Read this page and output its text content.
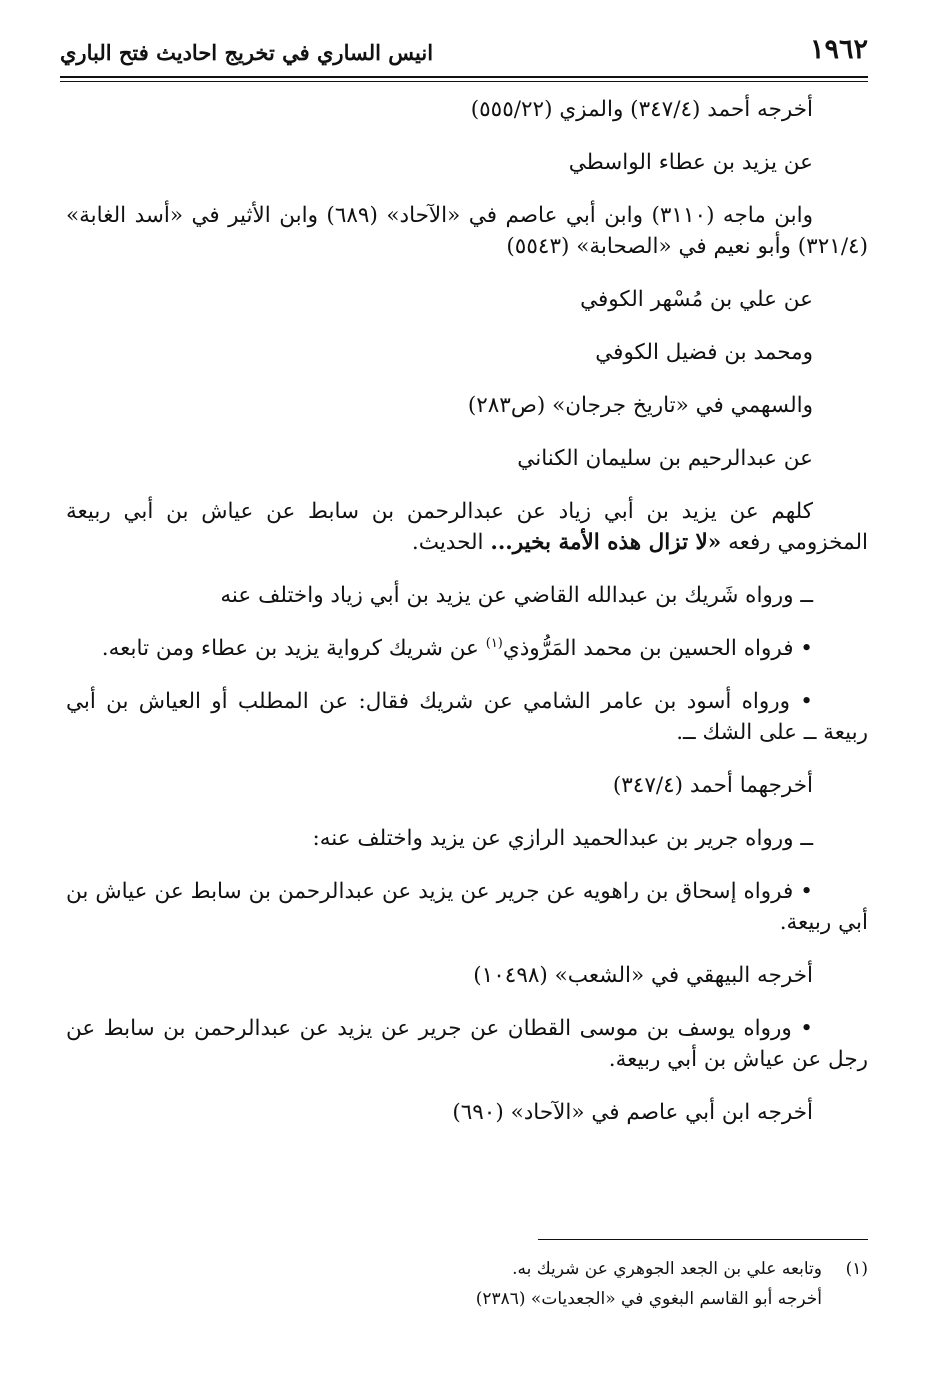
انيس الساري في تخريج احاديث فتح الباري	١٩٦٢

أخرجه أحمد (٣٤٧/٤) والمزي (٥٥٥/٢٢)

عن يزيد بن عطاء الواسطي

وابن ماجه (٣١١٠) وابن أبي عاصم في «الآحاد» (٦٨٩) وابن الأثير في «أسد الغابة» (٣٢١/٤) وأبو نعيم في «الصحابة» (٥٥٤٣)

عن علي بن مُسْهر الكوفي

ومحمد بن فضيل الكوفي

والسهمي في «تاريخ جرجان» (ص٢٨٣)

عن عبدالرحيم بن سليمان الكناني

كلهم عن يزيد بن أبي زياد عن عبدالرحمن بن سابط عن عياش بن أبي ربيعة المخزومي رفعه «لا تزال هذه الأمة بخير... الحديث.

ــ ورواه شَريك بن عبدالله القاضي عن يزيد بن أبي زياد واختلف عنه

• فرواه الحسين بن محمد المَرُّوذي$^{(١)}$ عن شريك كرواية يزيد بن عطاء ومن تابعه.

• ورواه أسود بن عامر الشامي عن شريك فقال: عن المطلب أو العياش بن أبي ربيعة ــ على الشك ــ.

أخرجهما أحمد (٣٤٧/٤)

ــ ورواه جرير بن عبدالحميد الرازي عن يزيد واختلف عنه:

• فرواه إسحاق بن راهويه عن جرير عن يزيد عن عبدالرحمن بن سابط عن عياش بن أبي ربيعة.

أخرجه البيهقي في «الشعب» (١٠٤٩٨)

• ورواه يوسف بن موسى القطان عن جرير عن يزيد عن عبدالرحمن بن سابط عن رجل عن عياش بن أبي ربيعة.

أخرجه ابن أبي عاصم في «الآحاد» (٦٩٠)

(١)وتابعه علي بن الجعد الجوهري عن شريك به.
أخرجه أبو القاسم البغوي في «الجعديات» (٢٣٨٦)
